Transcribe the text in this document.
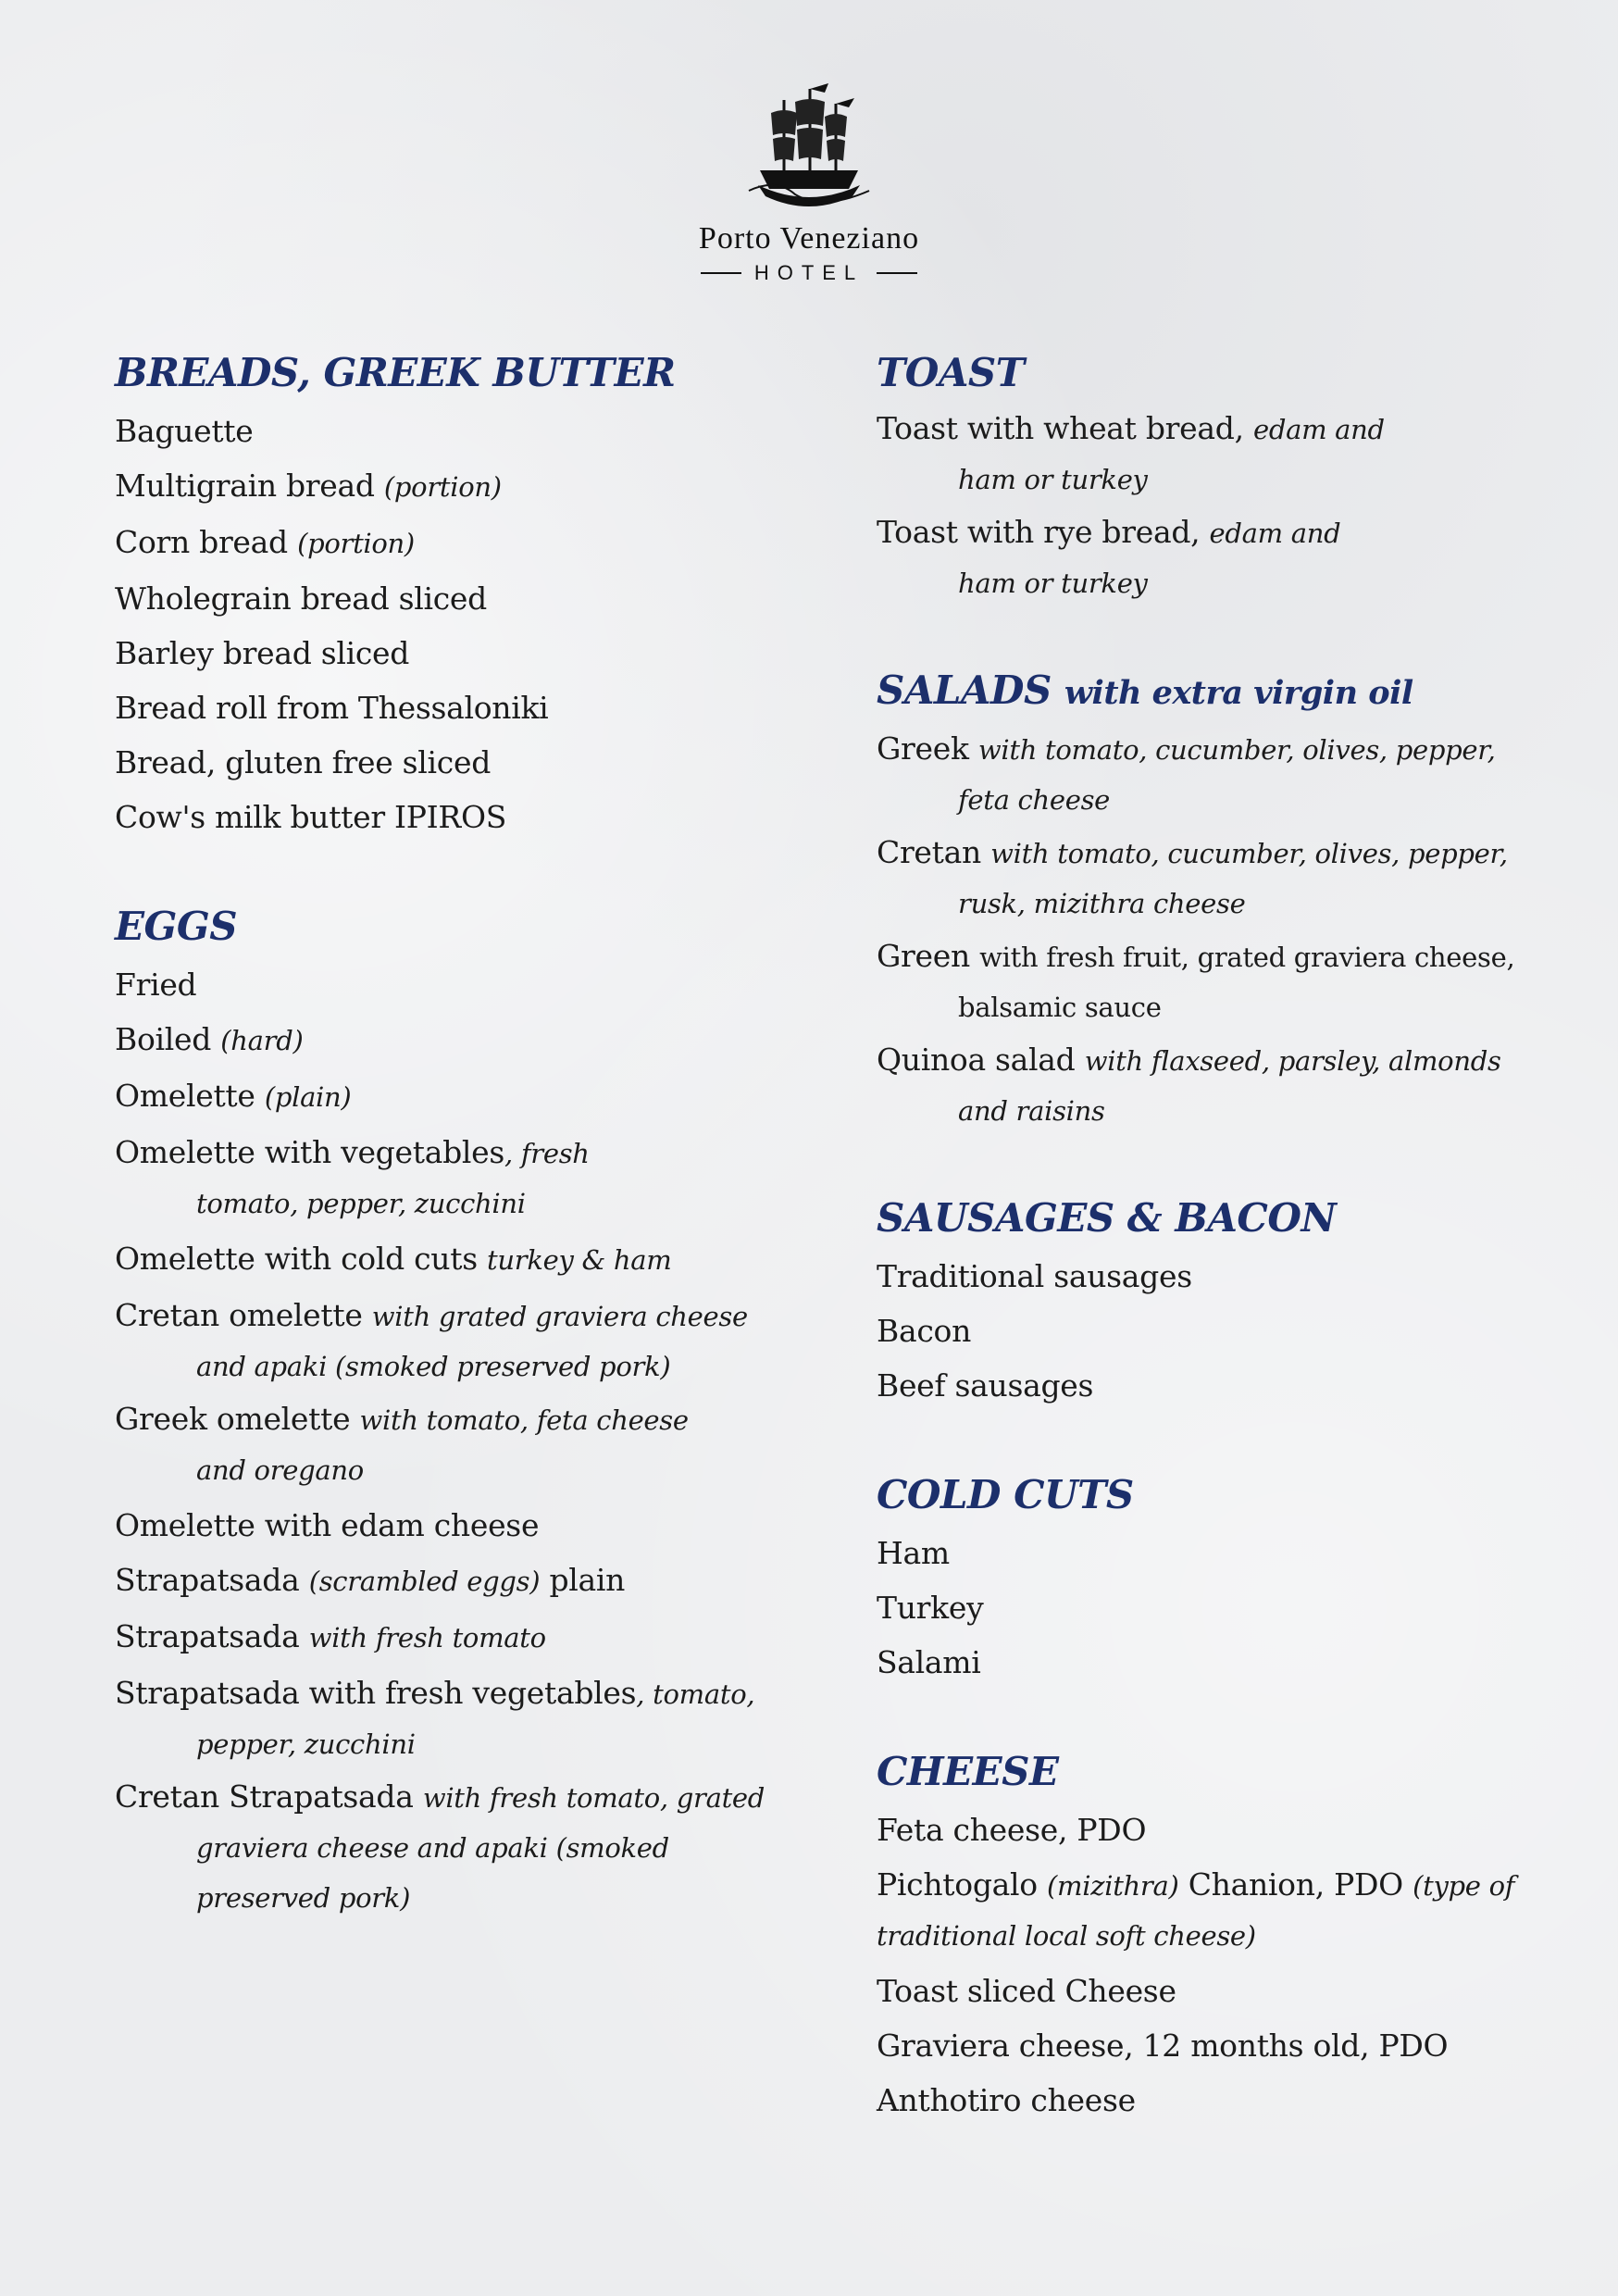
Porto Veneziano
HOTEL
BREADS, GREEK BUTTER
Baguette
Multigrain bread (portion)
Corn bread (portion)
Wholegrain bread sliced
Barley bread sliced
Bread roll from Thessaloniki
Bread, gluten free sliced
Cow's milk butter IPIROS
EGGS
Fried
Boiled (hard)
Omelette (plain)
Omelette with vegetables, fresh
tomato, pepper, zucchini
Omelette with cold cuts turkey & ham
Cretan omelette with grated graviera cheese
and apaki (smoked preserved pork)
Greek omelette with tomato, feta cheese
and oregano
Omelette with edam cheese
Strapatsada (scrambled eggs) plain
Strapatsada with fresh tomato
Strapatsada with fresh vegetables, tomato,
pepper, zucchini
Cretan Strapatsada with fresh tomato, grated
graviera cheese and apaki (smoked
preserved pork)
TOAST
Toast with wheat bread, edam and
ham or turkey
Toast with rye bread, edam and
ham or turkey
SALADS with extra virgin oil
Greek with tomato, cucumber, olives, pepper,
feta cheese
Cretan with tomato, cucumber, olives, pepper,
rusk, mizithra cheese
Green with fresh fruit, grated graviera cheese,
balsamic sauce
Quinoa salad with flaxseed, parsley, almonds
and raisins
SAUSAGES & BACON
Traditional sausages
Bacon
Beef sausages
COLD CUTS
Ham
Turkey
Salami
CHEESE
Feta cheese, PDO
Pichtogalo (mizithra) Chanion, PDO (type of
traditional local soft cheese)
Toast sliced Cheese
Graviera cheese, 12 months old, PDO
Anthotiro cheese
